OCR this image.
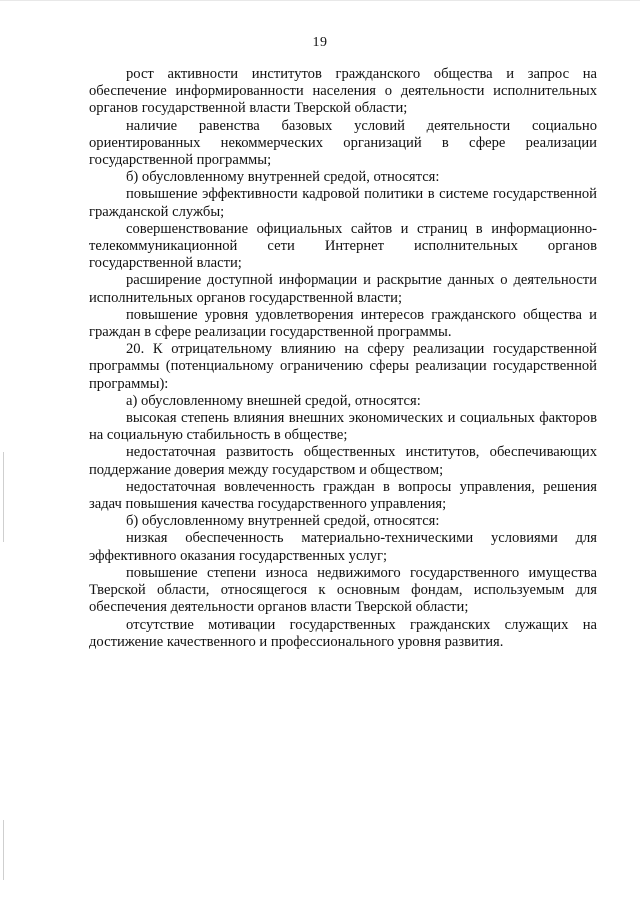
19

рост активности институтов гражданского общества и запрос на обеспечение информированности населения о деятельности исполнительных органов государственной власти Тверской области;

наличие равенства базовых условий деятельности социально ориентированных некоммерческих организаций в сфере реализации государственной программы;

б) обусловленному внутренней средой, относятся:

повышение эффективности кадровой политики в системе государственной гражданской службы;

совершенствование официальных сайтов и страниц в информационно-телекоммуникационной сети Интернет исполнительных органов государственной власти;

расширение доступной информации и раскрытие данных о деятельности исполнительных органов государственной власти;

повышение уровня удовлетворения интересов гражданского общества и граждан в сфере реализации государственной программы.

20. К отрицательному влиянию на сферу реализации государственной программы (потенциальному ограничению сферы реализации государственной программы):

а) обусловленному внешней средой, относятся:

высокая степень влияния внешних экономических и социальных факторов на социальную стабильность в обществе;

недостаточная развитость общественных институтов, обеспечивающих поддержание доверия между государством и обществом;

недостаточная вовлеченность граждан в вопросы управления, решения задач повышения качества государственного управления;

б) обусловленному внутренней средой, относятся:

низкая обеспеченность материально-техническими условиями для эффективного оказания государственных услуг;

повышение степени износа недвижимого государственного имущества Тверской области, относящегося к основным фондам, используемым для обеспечения деятельности органов власти Тверской области;

отсутствие мотивации государственных гражданских служащих на достижение качественного и профессионального уровня развития.
